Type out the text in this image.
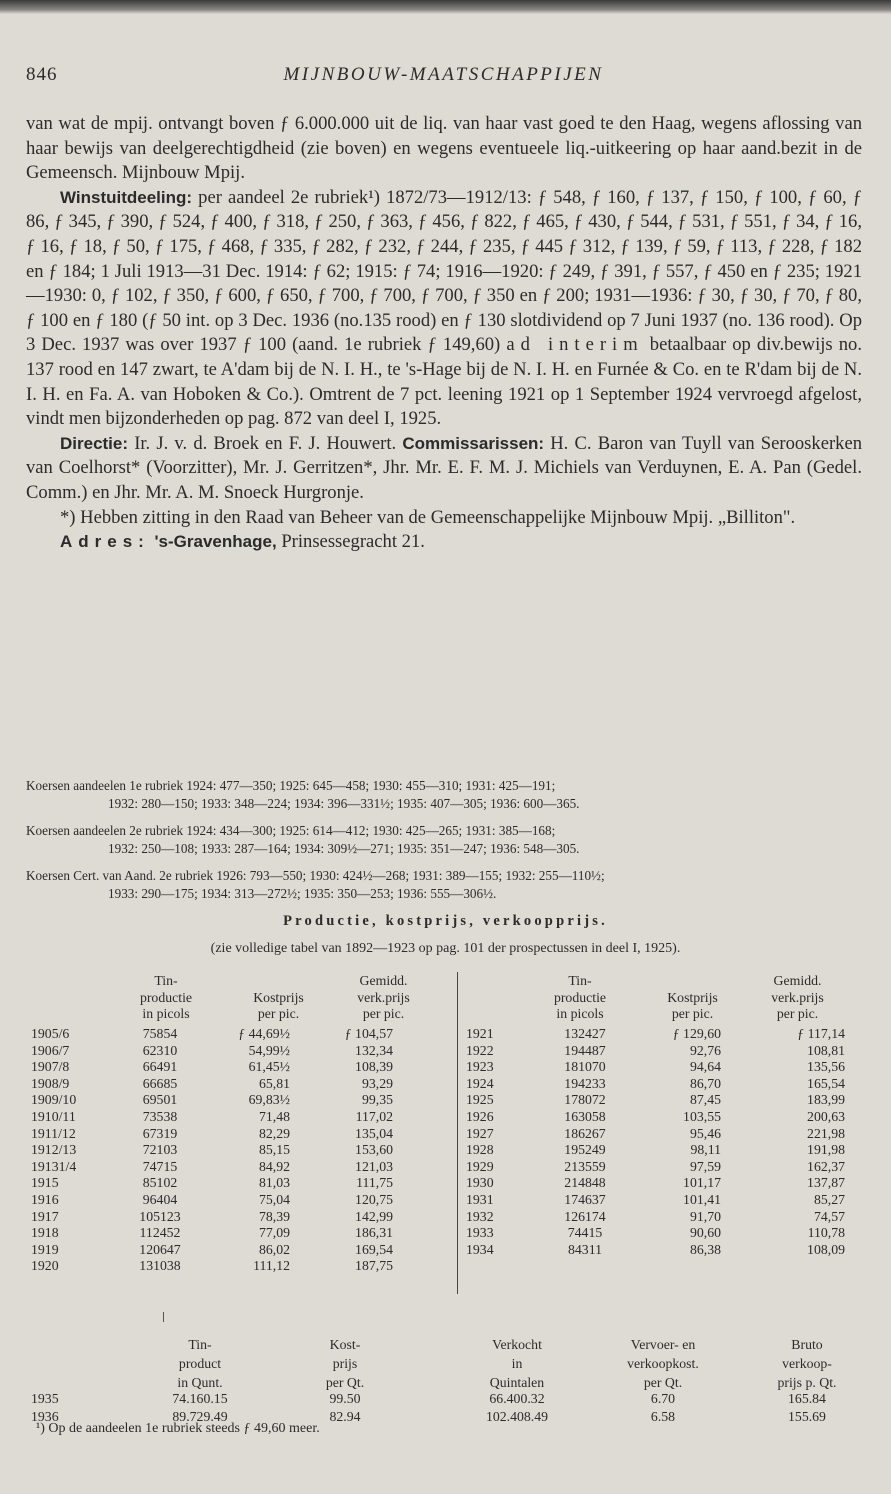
846	MIJNBOUW-MAATSCHAPPIJEN

van wat de mpij. ontvangt boven ƒ 6.000.000 uit de liq. van haar vast goed te den Haag, wegens aflossing van haar bewijs van deelgerechtigdheid (zie boven) en wegens eventueele liq.-uitkeering op haar aand.bezit in de Gemeensch. Mijnbouw Mpij.

Winstuitdeeling: per aandeel 2e rubriek¹) 1872/73—1912/13: ƒ 548, ƒ 160, ƒ 137, ƒ 150, ƒ 100, ƒ 60, ƒ 86, ƒ 345, ƒ 390, ƒ 524, ƒ 400, ƒ 318, ƒ 250, ƒ 363, ƒ 456, ƒ 822, ƒ 465, ƒ 430, ƒ 544, ƒ 531, ƒ 551, ƒ 34, ƒ 16, ƒ 16, ƒ 18, ƒ 50, ƒ 175, ƒ 468, ƒ 335, ƒ 282, ƒ 232, ƒ 244, ƒ 235, ƒ 445 ƒ 312, ƒ 139, ƒ 59, ƒ 113, ƒ 228, ƒ 182 en ƒ 184; 1 Juli 1913—31 Dec. 1914: ƒ 62; 1915: ƒ 74; 1916—1920: ƒ 249, ƒ 391, ƒ 557, ƒ 450 en ƒ 235; 1921—1930: 0, ƒ 102, ƒ 350, ƒ 600, ƒ 650, ƒ 700, ƒ 700, ƒ 700, ƒ 350 en ƒ 200; 1931—1936: ƒ 30, ƒ 30, ƒ 70, ƒ 80, ƒ 100 en ƒ 180 (ƒ 50 int. op 3 Dec. 1936 (no.135 rood) en ƒ 130 slotdividend op 7 Juni 1937 (no. 136 rood). Op 3 Dec. 1937 was over 1937 ƒ 100 (aand. 1e rubriek ƒ 149,60) ad interim betaalbaar op div.bewijs no. 137 rood en 147 zwart, te A'dam bij de N. I. H., te 's-Hage bij de N. I. H. en Furnée & Co. en te R'dam bij de N. I. H. en Fa. A. van Hoboken & Co.). Omtrent de 7 pct. leening 1921 op 1 September 1924 vervroegd afgelost, vindt men bijzonderheden op pag. 872 van deel I, 1925.

Directie: Ir. J. v. d. Broek en F. J. Houwert. Commissarissen: H. C. Baron van Tuyll van Serooskerken van Coelhorst* (Voorzitter), Mr. J. Gerritzen*, Jhr. Mr. E. F. M. J. Michiels van Verduynen, E. A. Pan (Gedel. Comm.) en Jhr. Mr. A. M. Snoeck Hurgronje.

*) Hebben zitting in den Raad van Beheer van de Gemeenschappelijke Mijnbouw Mpij. „Billiton".

Adres: 's-Gravenhage, Prinsessegracht 21.

Koersen aandeelen 1e rubriek 1924: 477—350; 1925: 645—458; 1930: 455—310; 1931: 425—191;
1932: 280—150; 1933: 348—224; 1934: 396—331½; 1935: 407—305; 1936: 600—365.
Koersen aandeelen 2e rubriek 1924: 434—300; 1925: 614—412; 1930: 425—265; 1931: 385—168;
1932: 250—108; 1933: 287—164; 1934: 309½—271; 1935: 351—247; 1936: 548—305.
Koersen Cert. van Aand. 2e rubriek 1926: 793—550; 1930: 424½—268; 1931: 389—155; 1932: 255—110½;
1933: 290—175; 1934: 313—272½; 1935: 350—253; 1936: 555—306½.
Productie, kostprijs, verkoopprijs.
(zie volledige tabel van 1892—1923 op pag. 101 der prospectussen in deel I, 1925).
Tin-
productie
in picols
Kostprijs
per pic.
Gemidd.
verk.prijs
per pic.
Tin-
productie
in picols
Kostprijs
per pic.
Gemidd.
verk.prijs
per pic.
1905/6	75854	ƒ 44,69½	ƒ 104,57
1906/7	62310	54,99½	132,34
1907/8	66491	61,45½	108,39
1908/9	66685	65,81	93,29
1909/10	69501	69,83½	99,35
1910/11	73538	71,48	117,02
1911/12	67319	82,29	135,04
1912/13	72103	85,15	153,60
19131/4	74715	84,92	121,03
1915	85102	81,03	111,75
1916	96404	75,04	120,75
1917	105123	78,39	142,99
1918	112452	77,09	186,31
1919	120647	86,02	169,54
1920	131038	111,12	187,75
1921	132427	ƒ 129,60	ƒ 117,14
1922	194487	92,76	108,81
1923	181070	94,64	135,56
1924	194233	86,70	165,54
1925	178072	87,45	183,99
1926	163058	103,55	200,63
1927	186267	95,46	221,98
1928	195249	98,11	191,98
1929	213559	97,59	162,37
1930	214848	101,17	137,87
1931	174637	101,41	85,27
1932	126174	91,70	74,57
1933	74415	90,60	110,78
1934	84311	86,38	108,09
Tin-
product
in Qunt.
Kost-
prijs
per Qt.
Verkocht
in
Quintalen
Vervoer- en
verkoopkost.
per Qt.
Bruto
verkoop-
prijs p. Qt.
1935	74.160.15	99.50	66.400.32	6.70	165.84
1936	89.729.49	82.94	102.408.49	6.58	155.69
¹) Op de aandeelen 1e rubriek steeds ƒ 49,60 meer.
